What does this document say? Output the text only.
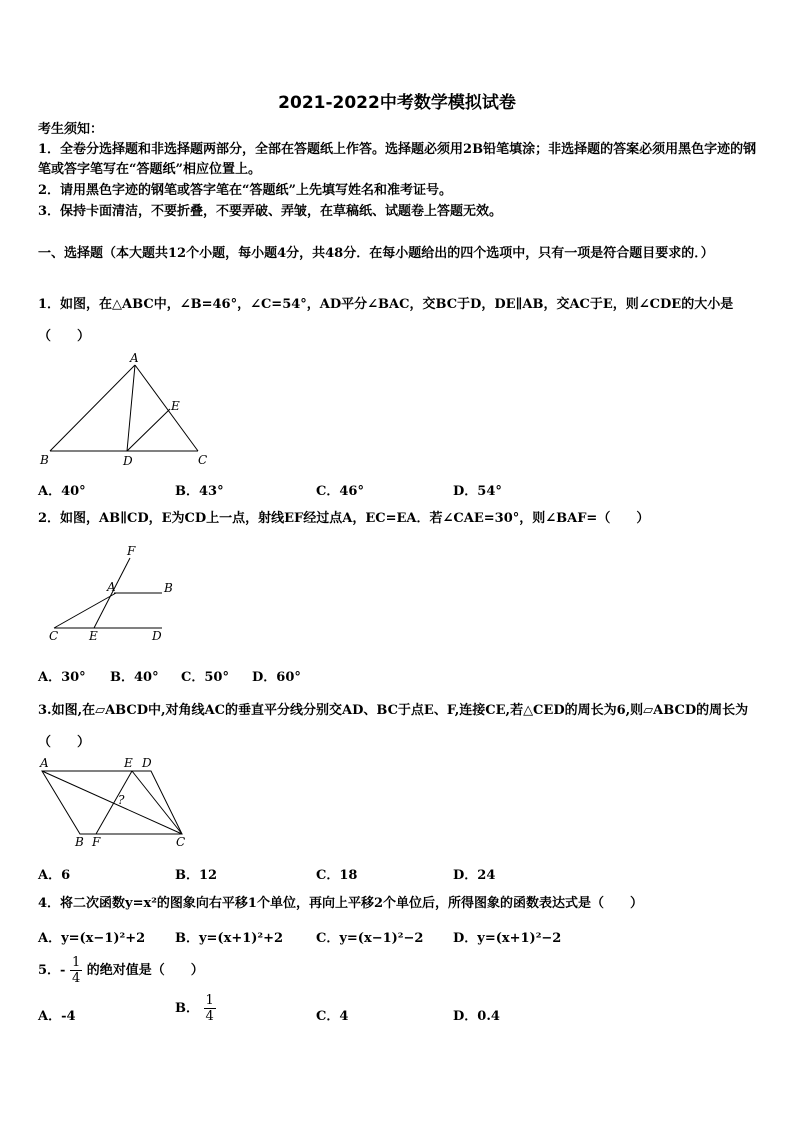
2021-2022中考数学模拟试卷
考生须知：
1．全卷分选择题和非选择题两部分，全部在答题纸上作答。选择题必须用2B铅笔填涂；非选择题的答案必须用黑色字迹的钢笔或答字笔写在“答题纸”相应位置上。
2．请用黑色字迹的钢笔或答字笔在“答题纸”上先填写姓名和准考证号。
3．保持卡面清洁，不要折叠，不要弄破、弄皱，在草稿纸、试题卷上答题无效。
一、选择题（本大题共12个小题，每小题4分，共48分．在每小题给出的四个选项中，只有一项是符合题目要求的．）
1．如图，在△ABC中，∠B=46°，∠C=54°，AD平分∠BAC，交BC于D，DE∥AB，交AC于E，则∠CDE的大小是（　　）
A
E
B	D	C
A．40°	B．43°	C．46°	D．54°
2．如图，AB∥CD，E为CD上一点，射线EF经过点A，EC=EA．若∠CAE=30°，则∠BAF=（　　）
F
A	B
C	E	D
A．30° B．40° C．50° D．60°
3.如图,在▱ABCD中,对角线AC的垂直平分线分别交AD、BC于点E、F,连接CE,若△CED的周长为6,则▱ABCD的周长为（　　）
?
A	E D
B F	C
A．6	B．12	C．18	D．24
4．将二次函数y=x²的图象向右平移1个单位，再向上平移2个单位后，所得图象的函数表达式是（　　）
A．y=(x−1)²+2 B．y=(x+1)²+2	C．y=(x−1)²−2 D．y=(x+1)²−2
5．- $\frac{1}{4}$ 的绝对值是（　　）
A．-4
B． $\frac{1}{4}$	C．4	D．0.4
